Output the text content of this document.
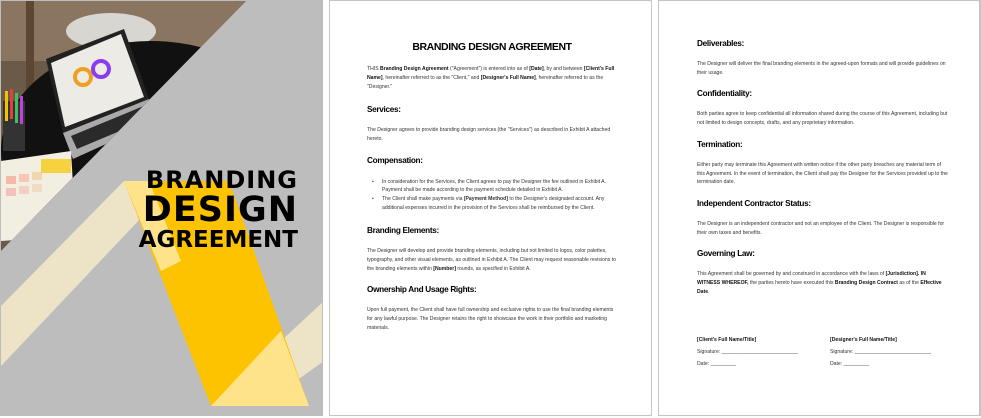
BRANDING
DESIGN
AGREEMENT
BRANDING DESIGN AGREEMENT

THIS Branding Design Agreement ("Agreement") is entered into as of [Date], by and between [Client's Full Name], hereinafter referred to as the "Client," and [Designer's Full Name], hereinafter referred to as the "Designer."

Services:

The Designer agrees to provide branding design services (the "Services") as described in Exhibit A attached hereto.

Compensation:

▪ In consideration for the Services, the Client agrees to pay the Designer the fee outlined in Exhibit A. Payment shall be made according to the payment schedule detailed in Exhibit A.
▪ The Client shall make payments via [Payment Method] to the Designer's designated account. Any additional expenses incurred in the provision of the Services shall be reimbursed by the Client.

Branding Elements:

The Designer will develop and provide branding elements, including but not limited to logos, color palettes, typography, and other visual elements, as outlined in Exhibit A. The Client may request reasonable revisions to the branding elements within [Number] rounds, as specified in Exhibit A.

Ownership And Usage Rights:

Upon full payment, the Client shall have full ownership and exclusive rights to use the final branding elements for any lawful purpose. The Designer retains the right to showcase the work in their portfolio and marketing materials.

Deliverables:

The Designer will deliver the final branding elements in the agreed-upon formats and will provide guidelines on their usage.

Confidentiality:

Both parties agree to keep confidential all information shared during the course of this Agreement, including but not limited to design concepts, drafts, and any proprietary information.

Termination:

Either party may terminate this Agreement with written notice if the other party breaches any material term of this Agreement. In the event of termination, the Client shall pay the Designer for the Services provided up to the termination date.

Independent Contractor Status:

The Designer is an independent contractor and not an employee of the Client. The Designer is responsible for their own taxes and benefits.

Governing Law:

This Agreement shall be governed by and construed in accordance with the laws of [Jurisdiction]. IN WITNESS WHEREOF, the parties hereto have executed this Branding Design Contract as of the Effective Date.

[Client's Full Name/Title]
Signature: ___________________________
Date: _________
[Designer's Full Name/Title]
Signature: ___________________________
Date: _________
